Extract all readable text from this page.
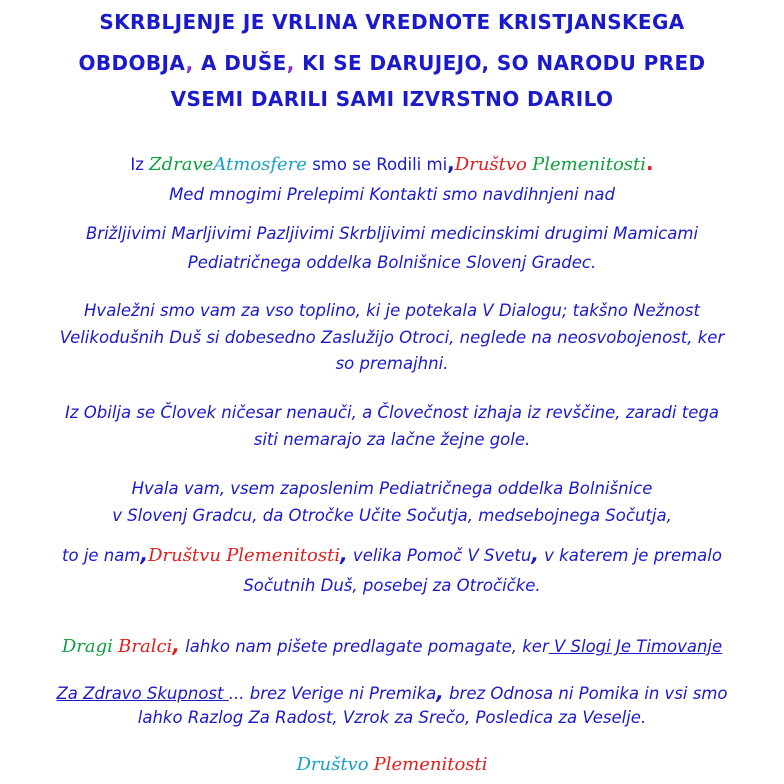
SKRBLJENJE JE VRLINA VREDNOTE KRISTJANSKEGA
OBDOBJA, A DUŠE, KI SE DARUJEJO, SO NARODU PRED
VSEMI DARILI SAMI IZVRSTNO DARILO
Iz ZdraveAtmosfere smo se Rodili mi,Društvo Plemenitosti.
Med mnogimi Prelepimi Kontakti smo navdihnjeni nad
Brižljivimi Marljivimi Pazljivimi Skrbljivimi medicinskimi drugimi Mamicami
Pediatričnega oddelka Bolnišnice Slovenj Gradec.
Hvaležni smo vam za vso toplino, ki je potekala V Dialogu; takšno Nežnost
Velikodušnih Duš si dobesedno Zaslužijo Otroci, neglede na neosvobojenost, ker
so premajhni.
Iz Obilja se Človek ničesar nenauči, a Človečnost izhaja iz revščine, zaradi tega
siti nemarajo za lačne žejne gole.
Hvala vam, vsem zaposlenim Pediatričnega oddelka Bolnišnice
v Slovenj Gradcu, da Otročke Učite Sočutja, medsebojnega Sočutja,
to je nam,Društvu Plemenitosti, velika Pomoč V Svetu, v katerem je premalo
Sočutnih Duš, posebej za Otročičke.
Dragi Bralci, lahko nam pišete predlagate pomagate, ker V Slogi Je Timovanje
Za Zdravo Skupnost ... brez Verige ni Premika, brez Odnosa ni Pomika in vsi smo
lahko Razlog Za Radost, Vzrok za Srečo, Posledica za Veselje.
Društvo Plemenitosti
